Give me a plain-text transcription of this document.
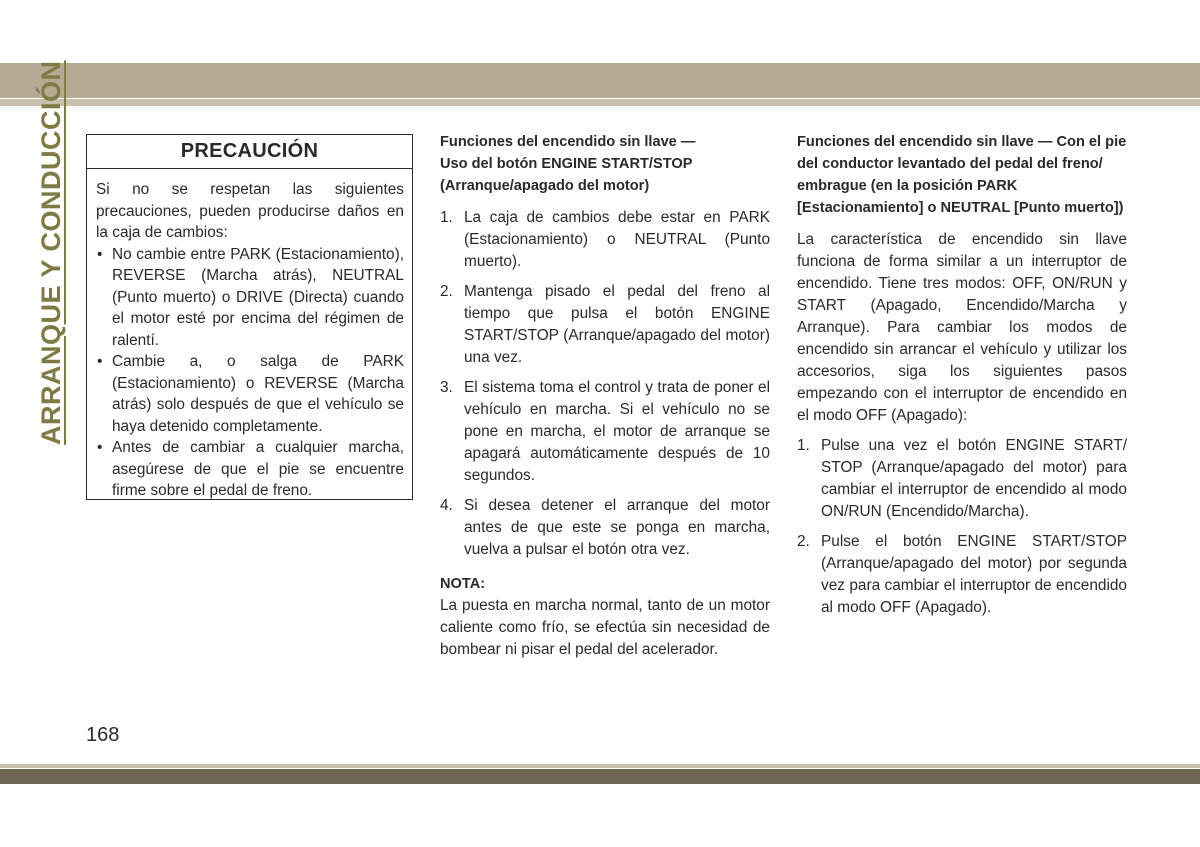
ARRANQUE Y CONDUCCIÓN	PRECAUCIÓN

Si no se respetan las siguientes precauciones, pueden producirse daños en la caja de cambios:

• No cambie entre PARK (Estacionamiento), REVERSE (Marcha atrás), NEUTRAL (Punto muerto) o DRIVE (Directa) cuando el motor esté por encima del régimen de ralentí.
• Cambie a, o salga de PARK (Estacionamiento) o REVERSE (Marcha atrás) solo después de que el vehículo se haya detenido completamente.
• Antes de cambiar a cualquier marcha, asegúrese de que el pie se encuentre firme sobre el pedal de freno.
Funciones del encendido sin llave —
Uso del botón ENGINE START/STOP
(Arranque/apagado del motor)
1. La caja de cambios debe estar en PARK (Estacionamiento) o NEUTRAL (Punto muerto).
2. Mantenga pisado el pedal del freno al tiempo que pulsa el botón ENGINE START/STOP (Arranque/apagado del motor) una vez.
3. El sistema toma el control y trata de poner el vehículo en marcha. Si el vehículo no se pone en marcha, el motor de arranque se apagará automáticamente después de 10 segundos.
4. Si desea detener el arranque del motor antes de que este se ponga en marcha, vuelva a pulsar el botón otra vez.
NOTA:

La puesta en marcha normal, tanto de un motor caliente como frío, se efectúa sin necesidad de bombear ni pisar el pedal del acelerador.

Funciones del encendido sin llave — Con el pie del conductor levantado del pedal del freno/ embrague (en la posición PARK [Estacionamiento] o NEUTRAL [Punto muerto])

La característica de encendido sin llave funciona de forma similar a un interruptor de encendido. Tiene tres modos: OFF, ON/RUN y START (Apagado, Encendido/Marcha y Arranque). Para cambiar los modos de encendido sin arrancar el vehículo y utilizar los accesorios, siga los siguientes pasos empezando con el interruptor de encendido en el modo OFF (Apagado):

1. Pulse una vez el botón ENGINE START/ STOP (Arranque/apagado del motor) para cambiar el interruptor de encendido al modo ON/RUN (Encendido/Marcha).
2. Pulse el botón ENGINE START/STOP (Arranque/apagado del motor) por segunda vez para cambiar el interruptor de encendido al modo OFF (Apagado).
168
